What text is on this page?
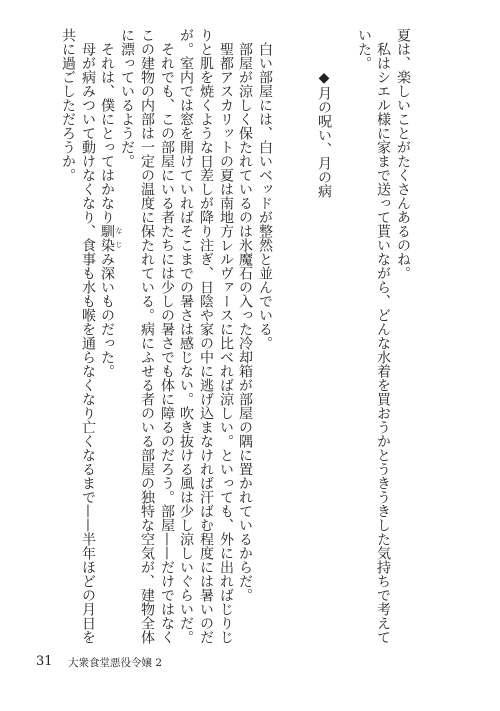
夏は、楽しいことがたくさんあるのね。
私はシエル様に家まで送って貰いながら、どんな水着を買おうかとうきうきした気持ちで考えて
いた。
◆月の呪い、月の病
白い部屋には、白いベッドが整然と並んでいる。
部屋が涼しく保たれているのは氷魔石の入った冷却箱が部屋の隅に置かれているからだ。
聖都アスカリットの夏は南地方レルヴァースに比べれば涼しい。といっても、外に出ればじりじ
りと肌を焼くような日差しが降り注ぎ、日陰や家の中に逃げ込まなければ汗ばむ程度には暑いのだ
が。室内では窓を開けていればそこまでの暑さは感じない。吹き抜ける風は少し涼しいぐらいだ。
それでも、この部屋にいる者たちには少しの暑さでも体に障るのだろう。部屋——だけではなく
この建物の内部は一定の温度に保たれている。病にふせる者のいる部屋の独特な空気が、建物全体
に漂っているようだ。
それは、僕にとってはかなり馴染み深いものだった。 なじ
母が病みついて動けなくなり、食事も水も喉を通らなくなり亡くなるまで——半年ほどの月日を
共に過ごしただろうか。
31 大衆食堂悪役令嬢 2
